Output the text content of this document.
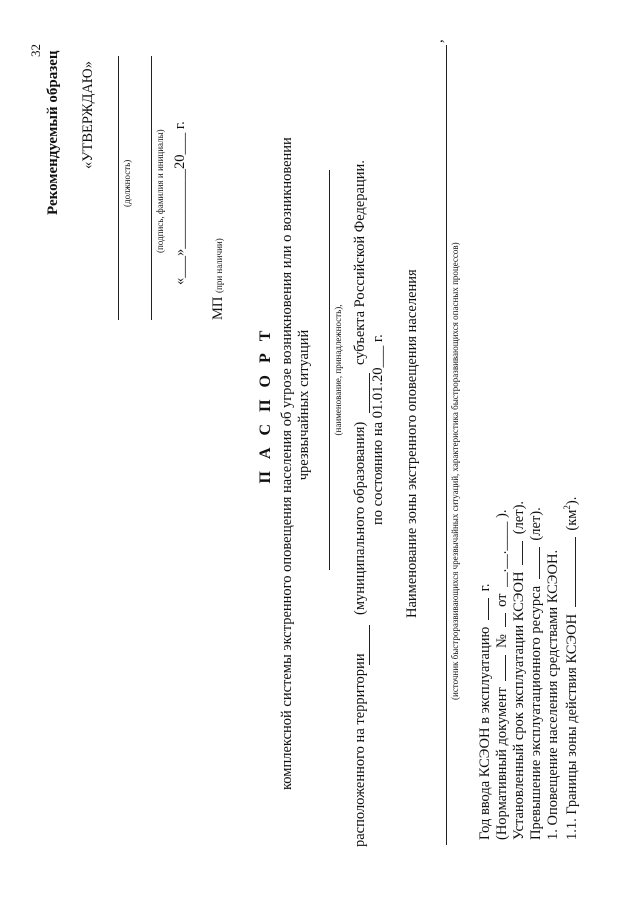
32 Рекомендуемый образец «УТВЕРЖДАЮ»
(должность)	(подпись, фамилия и инициалы) «___»___________20___ г.
МП (при наличии)
П А С П О Р Т комплексной системы экстренного оповещения населения об угрозе возникновения или о возникновении чрезвычайных ситуаций (наименование, принадлежность),
расположенного на территории
(муниципального образования)
субъекта Российской Федерации.
по состоянию на 01.01.20___ г. Наименование зоны экстренного оповещения населения
,
(источник быстроразвивающихся чрезвычайных ситуаций, характеристика быстроразвивающихся опасных процессов)
Год ввода КСЭОН в эксплуатацию  г.
(Нормативный документ  №  от __.__.____ ).
Установленный срок эксплуатации КСЭОН  (лет).
Превышение эксплуатационного ресурса  (лет).
1. Оповещение населения средствами КСЭОН. 1.1. Границы зоны действия КСЭОН  $(км^2)$.
